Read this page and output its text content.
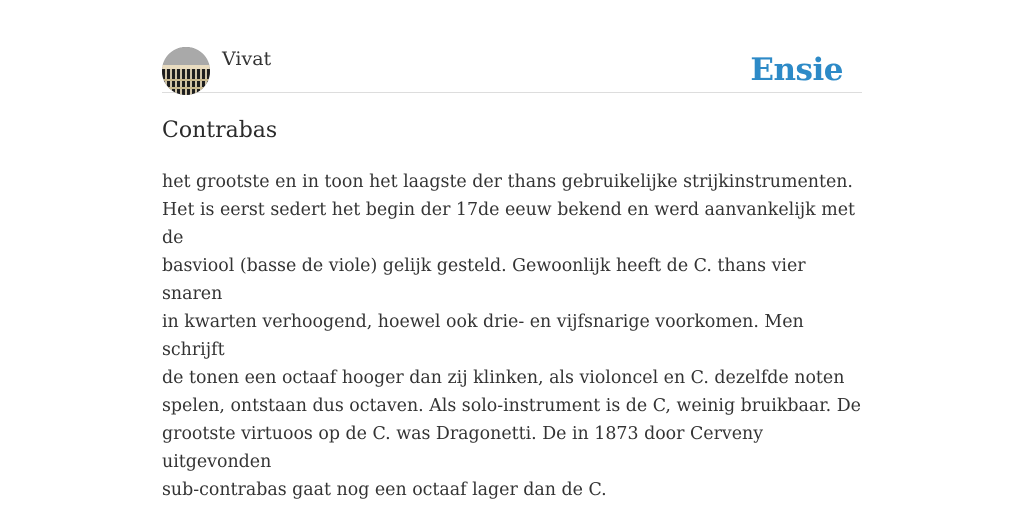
Vivat	Ensie
Contrabas

het grootste en in toon het laagste der thans gebruikelijke strijkinstrumenten.
Het is eerst sedert het begin der 17de eeuw bekend en werd aanvankelijk met de
basviool (basse de viole) gelijk gesteld. Gewoonlijk heeft de C. thans vier snaren
in kwarten verhoogend, hoewel ook drie- en vijfsnarige voorkomen. Men schrijft
de tonen een octaaf hooger dan zij klinken, als violoncel en C. dezelfde noten
spelen, ontstaan dus octaven. Als solo-instrument is de C, weinig bruikbaar. De
grootste virtuoos op de C. was Dragonetti. De in 1873 door Cerveny uitgevonden
sub-contrabas gaat nog een octaaf lager dan de C.
